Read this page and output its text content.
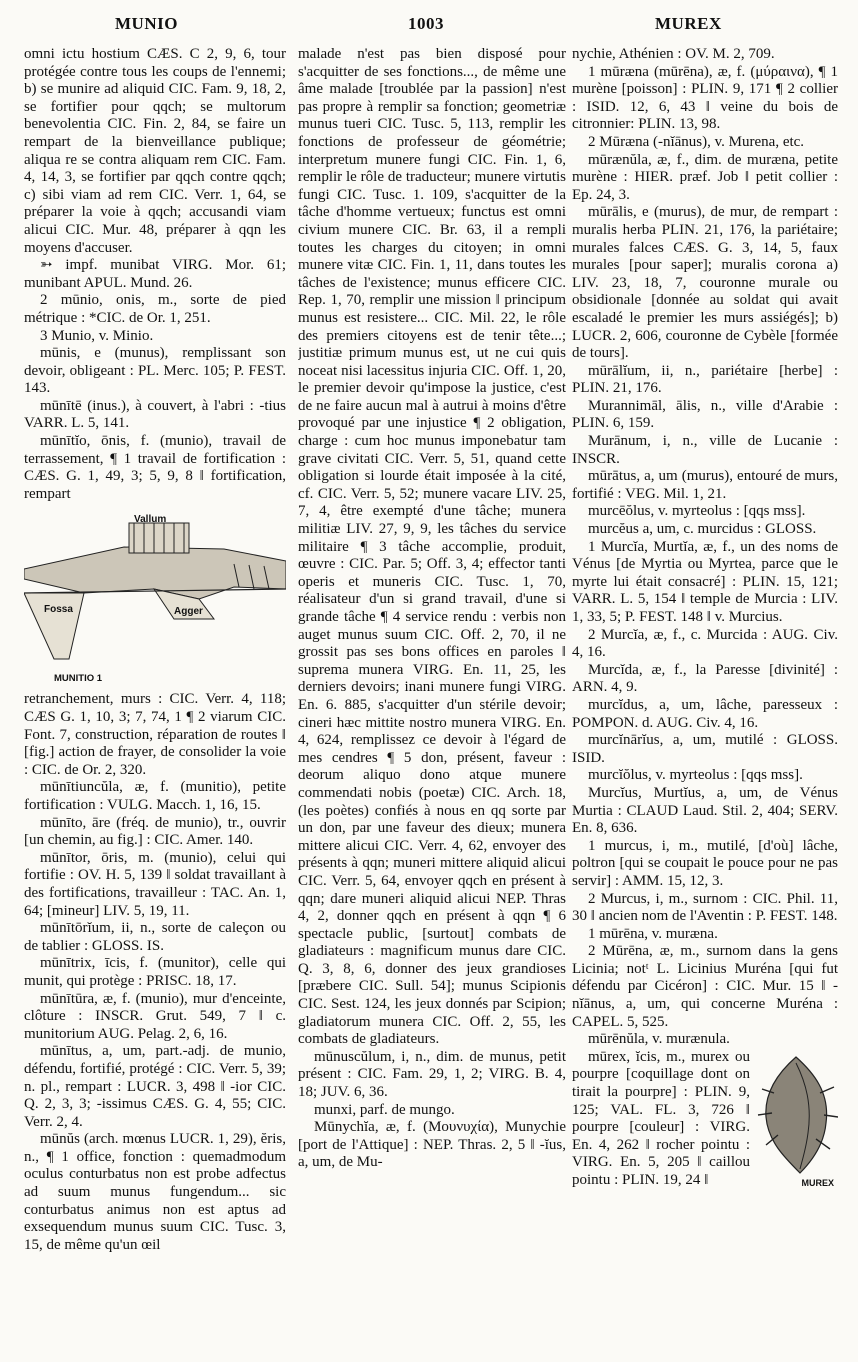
MUNIO	1003	MUREX

omni ictu hostium CÆS. C 2, 9, 6, tour protégée contre tous les coups de l'ennemi; b) se munire ad aliquid CIC. Fam. 9, 18, 2, se fortifier pour qqch; se multorum benevolentia CIC. Fin. 2, 84, se faire un rempart de la bienveillance publique; aliqua re se contra aliquam rem CIC. Fam. 4, 14, 3, se fortifier par qqch contre qqch; c) sibi viam ad rem CIC. Verr. 1, 64, se préparer la voie à qqch; accusandi viam alicui CIC. Mur. 48, préparer à qqn les moyens d'accuser.

➳ impf. munibat VIRG. Mor. 61; munibant APUL. Mund. 26.

2 mūnio, onis, m., sorte de pied métrique : *CIC. de Or. 1, 251.

3 Munio, v. Minio.

mūnis, e (munus), remplissant son devoir, obligeant : PL. Merc. 105; P. FEST. 143.

mūnītē (inus.), à couvert, à l'abri : -tius VARR. L. 5, 141.

mūnītĭo, ōnis, f. (munio), travail de terrassement, ¶ 1 travail de fortification : CÆS. G. 1, 49, 3; 5, 9, 8 ‖ fortification, rempart

Vallum
Fossa	Agger
MUNITIO 1

retranchement, murs : CIC. Verr. 4, 118; CÆS G. 1, 10, 3; 7, 74, 1 ¶ 2 viarum CIC. Font. 7, construction, réparation de routes ‖ [fig.] action de frayer, de consolider la voie : CIC. de Or. 2, 320.

mūnītiuncŭla, æ, f. (munitio), petite fortification : VULG. Macch. 1, 16, 15.

mūnīto, āre (fréq. de munio), tr., ouvrir [un chemin, au fig.] : CIC. Amer. 140.

mūnītor, ōris, m. (munio), celui qui fortifie : OV. H. 5, 139 ‖ soldat travaillant à des fortifications, travailleur : TAC. An. 1, 64; [mineur] LIV. 5, 19, 11.

mūnītōrĭum, ii, n., sorte de caleçon ou de tablier : GLOSS. IS.

mūnītrix, īcis, f. (munitor), celle qui munit, qui protège : PRISC. 18, 17.

mūnītūra, æ, f. (munio), mur d'enceinte, clôture : INSCR. Grut. 549, 7 ‖ c. munitorium AUG. Pelag. 2, 6, 16.

mūnītus, a, um, part.-adj. de munio, défendu, fortifié, protégé : CIC. Verr. 5, 39; n. pl., rempart : LUCR. 3, 498 ‖ -ior CIC. Q. 2, 3, 3; -issimus CÆS. G. 4, 55; CIC. Verr. 2, 4.

mūnŭs (arch. mœnus LUCR. 1, 29), ĕris, n., ¶ 1 office, fonction : quemadmodum oculus conturbatus non est probe adfectus ad suum munus fungendum... sic conturbatus animus non est aptus ad exsequendum munus suum CIC. Tusc. 3, 15, de même qu'un œil

malade n'est pas bien disposé pour s'acquitter de ses fonctions..., de même une âme malade [troublée par la passion] n'est pas propre à remplir sa fonction; geometriæ munus tueri CIC. Tusc. 5, 113, remplir les fonctions de professeur de géométrie; interpretum munere fungi CIC. Fin. 1, 6, remplir le rôle de traducteur; munere virtutis fungi CIC. Tusc. 1. 109, s'acquitter de la tâche d'homme vertueux; functus est omni civium munere CIC. Br. 63, il a rempli toutes les charges du citoyen; in omni munere vitæ CIC. Fin. 1, 11, dans toutes les tâches de l'existence; munus efficere CIC. Rep. 1, 70, remplir une mission ‖ principum munus est resistere... CIC. Mil. 22, le rôle des premiers citoyens est de tenir tête...; justitiæ primum munus est, ut ne cui quis noceat nisi lacessitus injuria CIC. Off. 1, 20, le premier devoir qu'impose la justice, c'est de ne faire aucun mal à autrui à moins d'être provoqué par une injustice ¶ 2 obligation, charge : cum hoc munus imponebatur tam grave civitati CIC. Verr. 5, 51, quand cette obligation si lourde était imposée à la cité, cf. CIC. Verr. 5, 52; munere vacare LIV. 25, 7, 4, être exempté d'une tâche; munera militiæ LIV. 27, 9, 9, les tâches du service militaire ¶ 3 tâche accomplie, produit, œuvre : CIC. Par. 5; Off. 3, 4; effector tanti operis et muneris CIC. Tusc. 1, 70, réalisateur d'un si grand travail, d'une si grande tâche ¶ 4 service rendu : verbis non auget munus suum CIC. Off. 2, 70, il ne grossit pas ses bons offices en paroles ‖ suprema munera VIRG. En. 11, 25, les derniers devoirs; inani munere fungi VIRG. En. 6. 885, s'acquitter d'un stérile devoir; cineri hæc mittite nostro munera VIRG. En. 4, 624, remplissez ce devoir à l'égard de mes cendres ¶ 5 don, présent, faveur : deorum aliquo dono atque munere commendati nobis (poetæ) CIC. Arch. 18, (les poètes) confiés à nous en qq sorte par un don, par une faveur des dieux; munera mittere alicui CIC. Verr. 4, 62, envoyer des présents à qqn; muneri mittere aliquid alicui CIC. Verr. 5, 64, envoyer qqch en présent à qqn; dare muneri aliquid alicui NEP. Thras 4, 2, donner qqch en présent à qqn ¶ 6 spectacle public, [surtout] combats de gladiateurs : magnificum munus dare CIC. Q. 3, 8, 6, donner des jeux grandioses [præbere CIC. Sull. 54]; munus Scipionis CIC. Sest. 124, les jeux donnés par Scipion; gladiatorum munera CIC. Off. 2, 55, les combats de gladiateurs.

mūnuscŭlum, i, n., dim. de munus, petit présent : CIC. Fam. 29, 1, 2; VIRG. B. 4, 18; JUV. 6, 36.

munxi, parf. de mungo.

Mūnychĭa, æ, f. (Μουνυχία), Munychie [port de l'Attique] : NEP. Thras. 2, 5 ‖ -ĭus, a, um, de Mu-

nychie, Athénien : OV. M. 2, 709.

1 mūræna (mūrēna), æ, f. (μύραινα), ¶ 1 murène [poisson] : PLIN. 9, 171 ¶ 2 collier : ISID. 12, 6, 43 ‖ veine du bois de citronnier: PLIN. 13, 98.

2 Mūræna (-nĭānus), v. Murena, etc.

mūrænŭla, æ, f., dim. de muræna, petite murène : HIER. præf. Job ‖ petit collier : Ep. 24, 3.

mūrālis, e (murus), de mur, de rempart : muralis herba PLIN. 21, 176, la pariétaire; murales falces CÆS. G. 3, 14, 5, faux murales [pour saper]; muralis corona a) LIV. 23, 18, 7, couronne murale ou obsidionale [donnée au soldat qui avait escaladé le premier les murs assiégés]; b) LUCR. 2, 606, couronne de Cybèle [formée de tours].

mūrālĭum, ii, n., pariétaire [herbe] : PLIN. 21, 176.

Murannimāl, ālis, n., ville d'Arabie : PLIN. 6, 159.

Murānum, i, n., ville de Lucanie : INSCR.

mūrātus, a, um (murus), entouré de murs, fortifié : VEG. Mil. 1, 21.

murcēŏlus, v. myrteolus : [qqs mss].

murcĕus a, um, c. murcidus : GLOSS.

1 Murcĭa, Murtĭa, æ, f., un des noms de Vénus [de Myrtia ou Myrtea, parce que le myrte lui était consacré] : PLIN. 15, 121; VARR. L. 5, 154 ‖ temple de Murcia : LIV. 1, 33, 5; P. FEST. 148 ‖ v. Murcius.

2 Murcĭa, æ, f., c. Murcida : AUG. Civ. 4, 16.

Murcĭda, æ, f., la Paresse [divinité] : ARN. 4, 9.

murcĭdus, a, um, lâche, paresseux : POMPON. d. AUG. Civ. 4, 16.

murcĭnārĭus, a, um, mutilé : GLOSS. ISID.

murcĭŏlus, v. myrteolus : [qqs mss].

Murcĭus, Murtĭus, a, um, de Vénus Murtia : CLAUD Laud. Stil. 2, 404; SERV. En. 8, 636.

1 murcus, i, m., mutilé, [d'où] lâche, poltron [qui se coupait le pouce pour ne pas servir] : AMM. 15, 12, 3.

2 Murcus, i, m., surnom : CIC. Phil. 11, 30 ‖ ancien nom de l'Aventin : P. FEST. 148.

1 mūrēna, v. muræna.

2 Mūrēna, æ, m., surnom dans la gens Licinia; notᵗ L. Licinius Muréna [qui fut défendu par Cicéron] : CIC. Mur. 15 ‖ -nĭānus, a, um, qui concerne Muréna : CAPEL. 5, 525.

mūrēnŭla, v. murænula.

mūrex, ĭcis, m., murex ou pourpre [coquillage dont on tirait la pourpre] : PLIN. 9, 125; VAL. FL. 3, 726 ‖ pourpre [couleur] : VIRG. En. 4, 262 ‖ rocher pointu : VIRG. En. 5, 205 ‖ caillou pointu : PLIN. 19, 24 ‖	MUREX
